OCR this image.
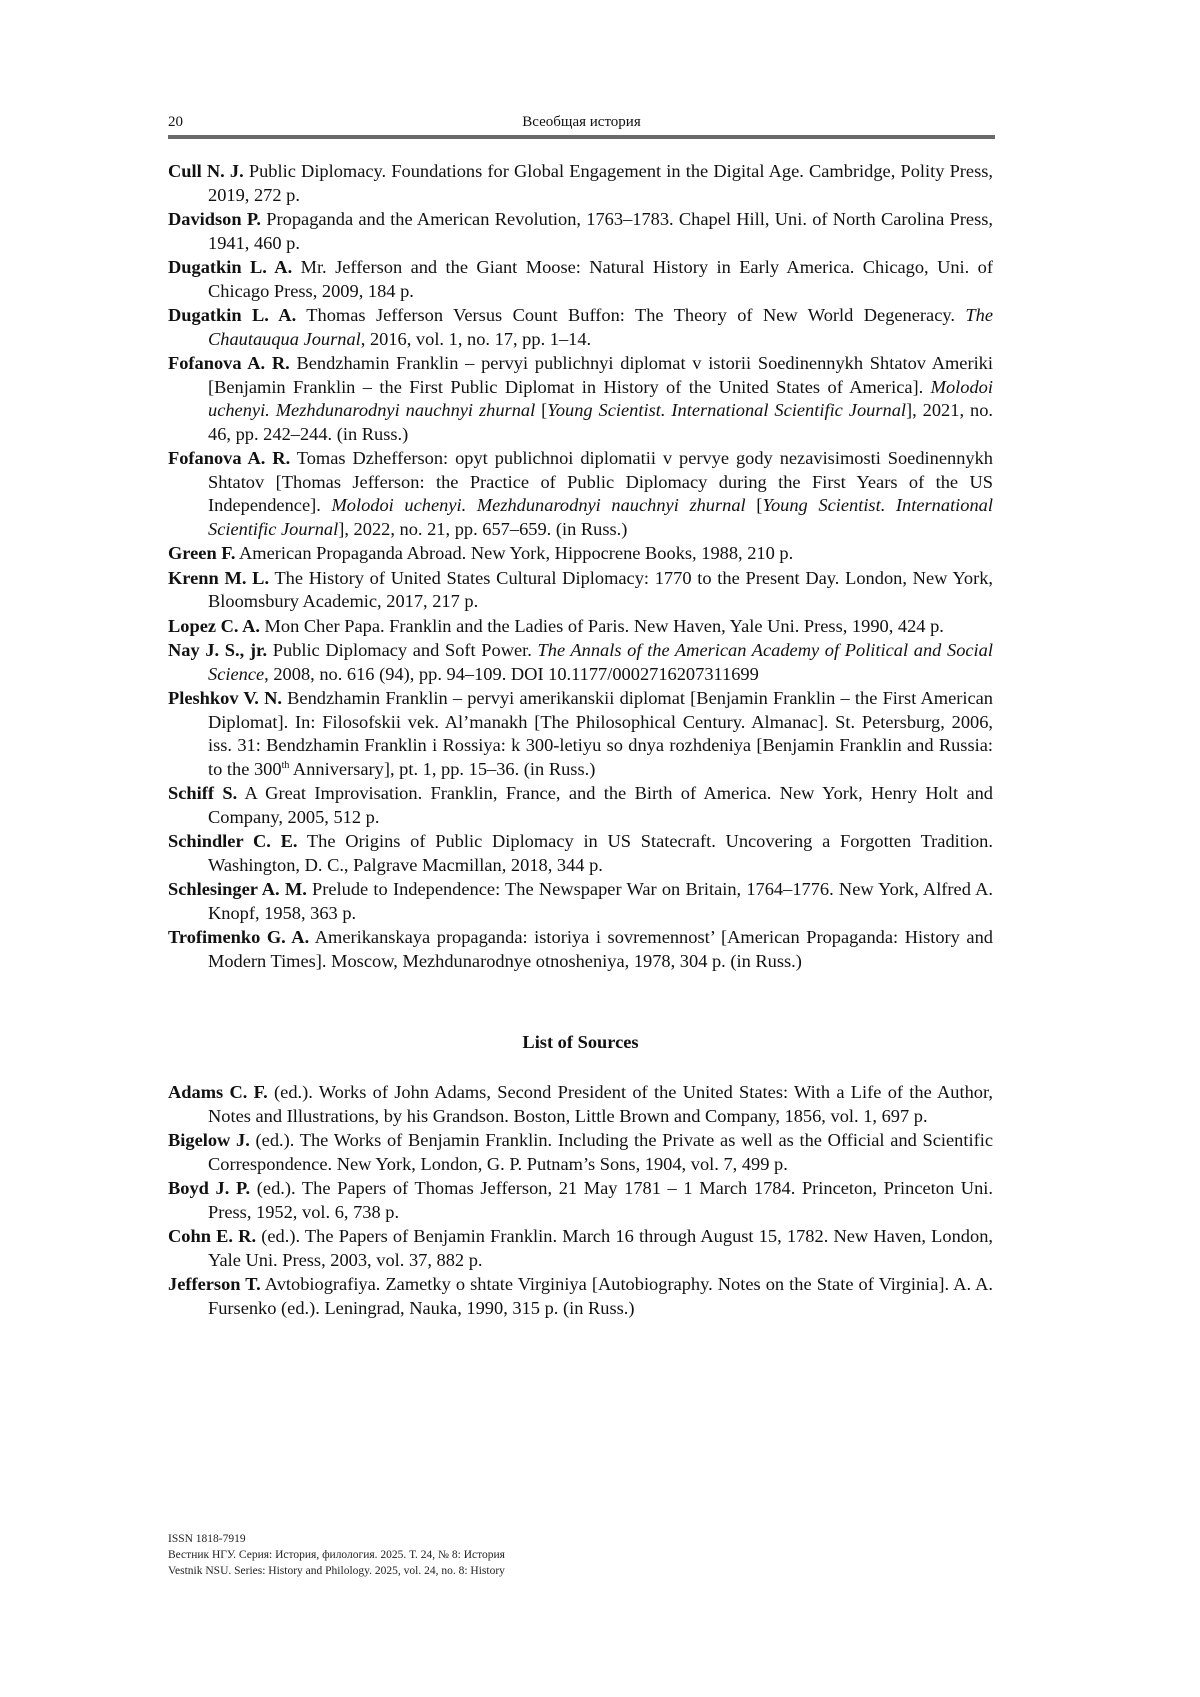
20	Всеобщая история

Cull N. J. Public Diplomacy. Foundations for Global Engagement in the Digital Age. Cambridge, Polity Press, 2019, 272 p.

Davidson P. Propaganda and the American Revolution, 1763–1783. Chapel Hill, Uni. of North Carolina Press, 1941, 460 p.

Dugatkin L. A. Mr. Jefferson and the Giant Moose: Natural History in Early America. Chicago, Uni. of Chicago Press, 2009, 184 p.

Dugatkin L. A. Thomas Jefferson Versus Count Buffon: The Theory of New World Degeneracy. The Chautauqua Journal, 2016, vol. 1, no. 17, pp. 1–14.

Fofanova A. R. Bendzhamin Franklin – pervyi publichnyi diplomat v istorii Soedinennykh Shtatov Ameriki [Benjamin Franklin – the First Public Diplomat in History of the United States of America]. Molodoi uchenyi. Mezhdunarodnyi nauchnyi zhurnal [Young Scientist. International Scientific Journal], 2021, no. 46, pp. 242–244. (in Russ.)

Fofanova A. R. Tomas Dzhefferson: opyt publichnoi diplomatii v pervye gody nezavisimosti Soedinennykh Shtatov [Thomas Jefferson: the Practice of Public Diplomacy during the First Years of the US Independence]. Molodoi uchenyi. Mezhdunarodnyi nauchnyi zhurnal [Young Scientist. International Scientific Journal], 2022, no. 21, pp. 657–659. (in Russ.)

Green F. American Propaganda Abroad. New York, Hippocrene Books, 1988, 210 p.

Krenn M. L. The History of United States Cultural Diplomacy: 1770 to the Present Day. London, New York, Bloomsbury Academic, 2017, 217 p.

Lopez C. A. Mon Cher Papa. Franklin and the Ladies of Paris. New Haven, Yale Uni. Press, 1990, 424 p.

Nay J. S., jr. Public Diplomacy and Soft Power. The Annals of the American Academy of Political and Social Science, 2008, no. 616 (94), pp. 94–109. DOI 10.1177/0002716207311699

Pleshkov V. N. Bendzhamin Franklin – pervyi amerikanskii diplomat [Benjamin Franklin – the First American Diplomat]. In: Filosofskii vek. Al’manakh [The Philosophical Century. Almanac]. St. Petersburg, 2006, iss. 31: Bendzhamin Franklin i Rossiya: k 300-letiyu so dnya rozhdeniya [Benjamin Franklin and Russia: to the 300th Anniversary], pt. 1, pp. 15–36. (in Russ.)

Schiff S. A Great Improvisation. Franklin, France, and the Birth of America. New York, Henry Holt and Company, 2005, 512 p.

Schindler C. E. The Origins of Public Diplomacy in US Statecraft. Uncovering a Forgotten Tradition. Washington, D. C., Palgrave Macmillan, 2018, 344 p.

Schlesinger A. M. Prelude to Independence: The Newspaper War on Britain, 1764–1776. New York, Alfred A. Knopf, 1958, 363 p.

Trofimenko G. A. Amerikanskaya propaganda: istoriya i sovremennost’ [American Propaganda: History and Modern Times]. Moscow, Mezhdunarodnye otnosheniya, 1978, 304 p. (in Russ.)

List of Sources

Adams C. F. (ed.). Works of John Adams, Second President of the United States: With a Life of the Author, Notes and Illustrations, by his Grandson. Boston, Little Brown and Company, 1856, vol. 1, 697 p.

Bigelow J. (ed.). The Works of Benjamin Franklin. Including the Private as well as the Official and Scientific Correspondence. New York, London, G. P. Putnam’s Sons, 1904, vol. 7, 499 p.

Boyd J. P. (ed.). The Papers of Thomas Jefferson, 21 May 1781 – 1 March 1784. Princeton, Princeton Uni. Press, 1952, vol. 6, 738 p.

Cohn E. R. (ed.). The Papers of Benjamin Franklin. March 16 through August 15, 1782. New Haven, London, Yale Uni. Press, 2003, vol. 37, 882 p.

Jefferson T. Avtobiografiya. Zametky o shtate Virginiya [Autobiography. Notes on the State of Virginia]. A. A. Fursenko (ed.). Leningrad, Nauka, 1990, 315 p. (in Russ.)

ISSN 1818-7919
Вестник НГУ. Серия: История, филология. 2025. Т. 24, № 8: История
Vestnik NSU. Series: History and Philology. 2025, vol. 24, no. 8: History
